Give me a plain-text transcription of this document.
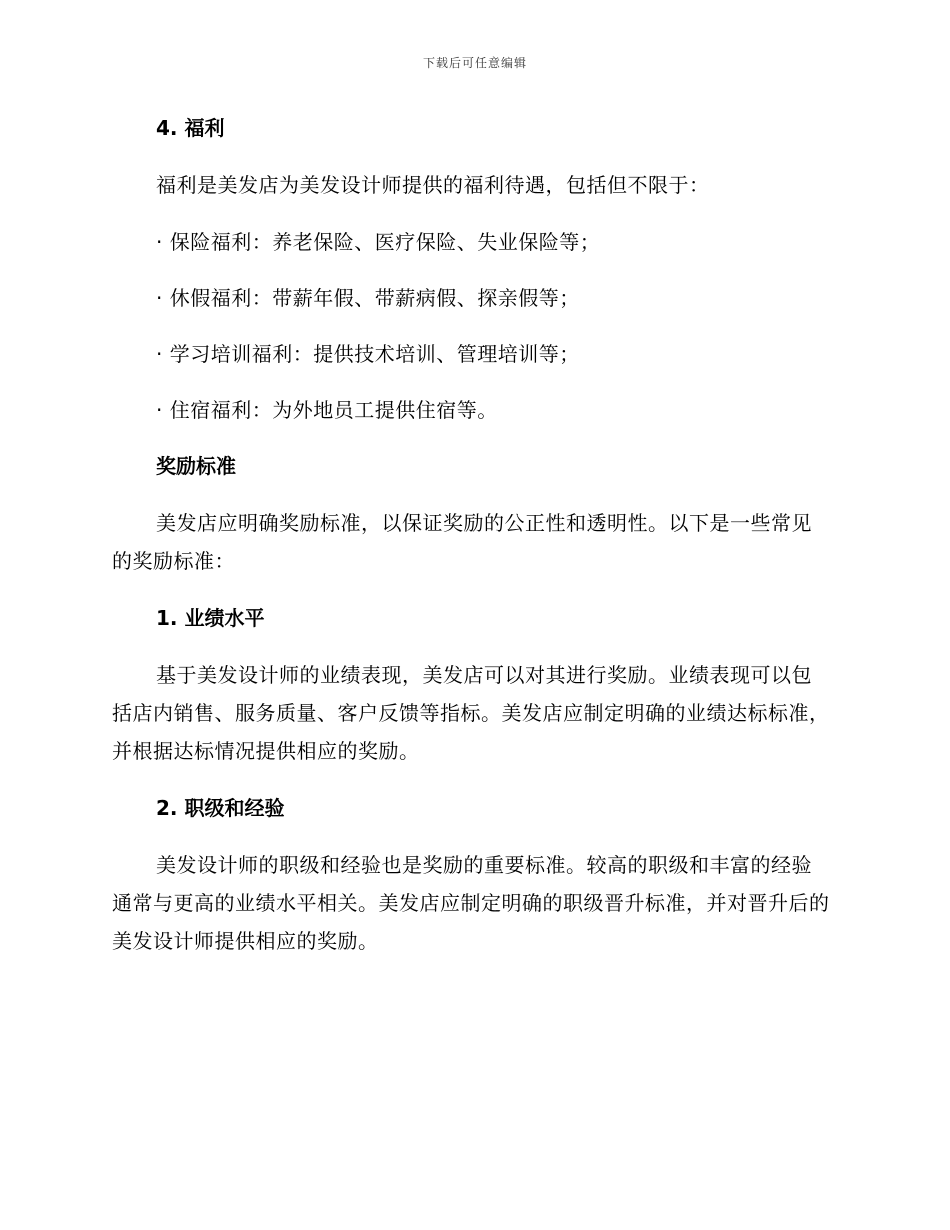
下载后可任意编辑
4. 福利

福利是美发店为美发设计师提供的福利待遇，包括但不限于：

· 保险福利：养老保险、医疗保险、失业保险等；
· 休假福利：带薪年假、带薪病假、探亲假等；
· 学习培训福利：提供技术培训、管理培训等；
· 住宿福利：为外地员工提供住宿等。
奖励标准

美发店应明确奖励标准，以保证奖励的公正性和透明性。以下是一些常见的奖励标准：

1. 业绩水平

基于美发设计师的业绩表现，美发店可以对其进行奖励。业绩表现可以包括店内销售、服务质量、客户反馈等指标。美发店应制定明确的业绩达标标准，并根据达标情况提供相应的奖励。

2. 职级和经验

美发设计师的职级和经验也是奖励的重要标准。较高的职级和丰富的经验通常与更高的业绩水平相关。美发店应制定明确的职级晋升标准，并对晋升后的美发设计师提供相应的奖励。
